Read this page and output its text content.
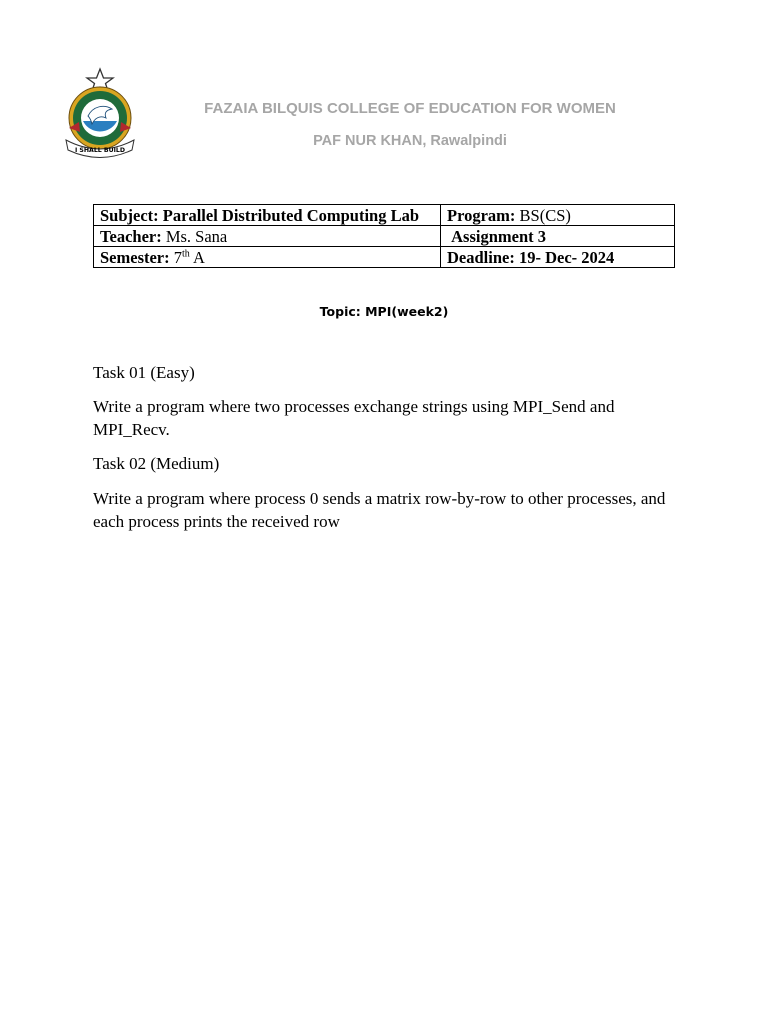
I SHALL BUILD

FAZAIA BILQUIS COLLEGE OF EDUCATION FOR WOMEN

PAF NUR KHAN, Rawalpindi

Subject: Parallel Distributed Computing Lab	Program: BS(CS)
Teacher: Ms. Sana	Assignment 3
Semester: 7th A	Deadline: 19- Dec- 2024

Topic: MPI(week2)

Task 01 (Easy)

Write a program where two processes exchange strings using MPI_Send and MPI_Recv.

Task 02 (Medium)

Write a program where process 0 sends a matrix row-by-row to other processes, and each process prints the received row
